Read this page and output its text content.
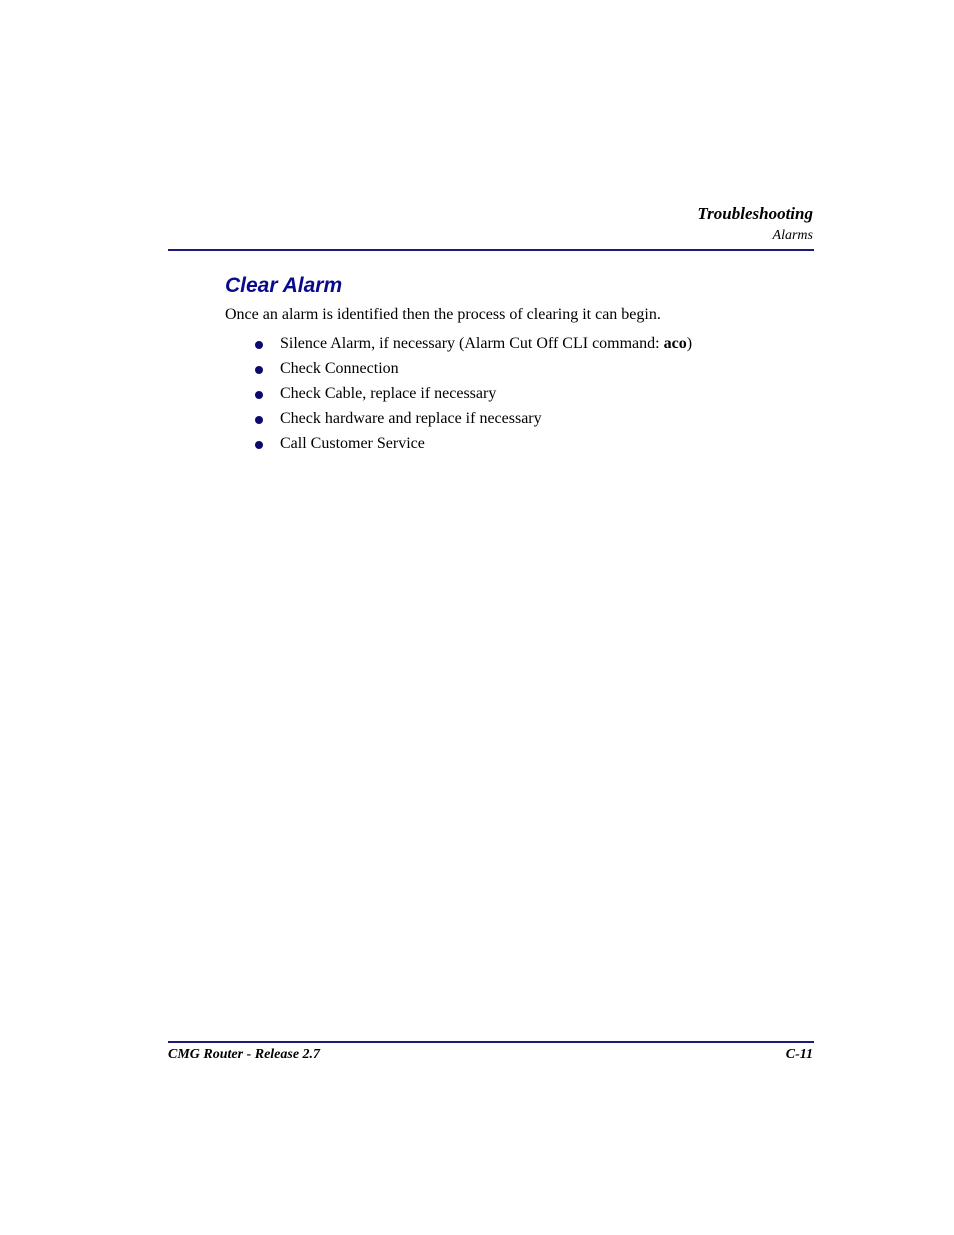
Troubleshooting
Alarms
Clear Alarm
Once an alarm is identified then the process of clearing it can begin.
Silence Alarm, if necessary (Alarm Cut Off CLI command: aco)
Check Connection
Check Cable, replace if necessary
Check hardware and replace if necessary
Call Customer Service
CMG Router - Release 2.7	C-11
